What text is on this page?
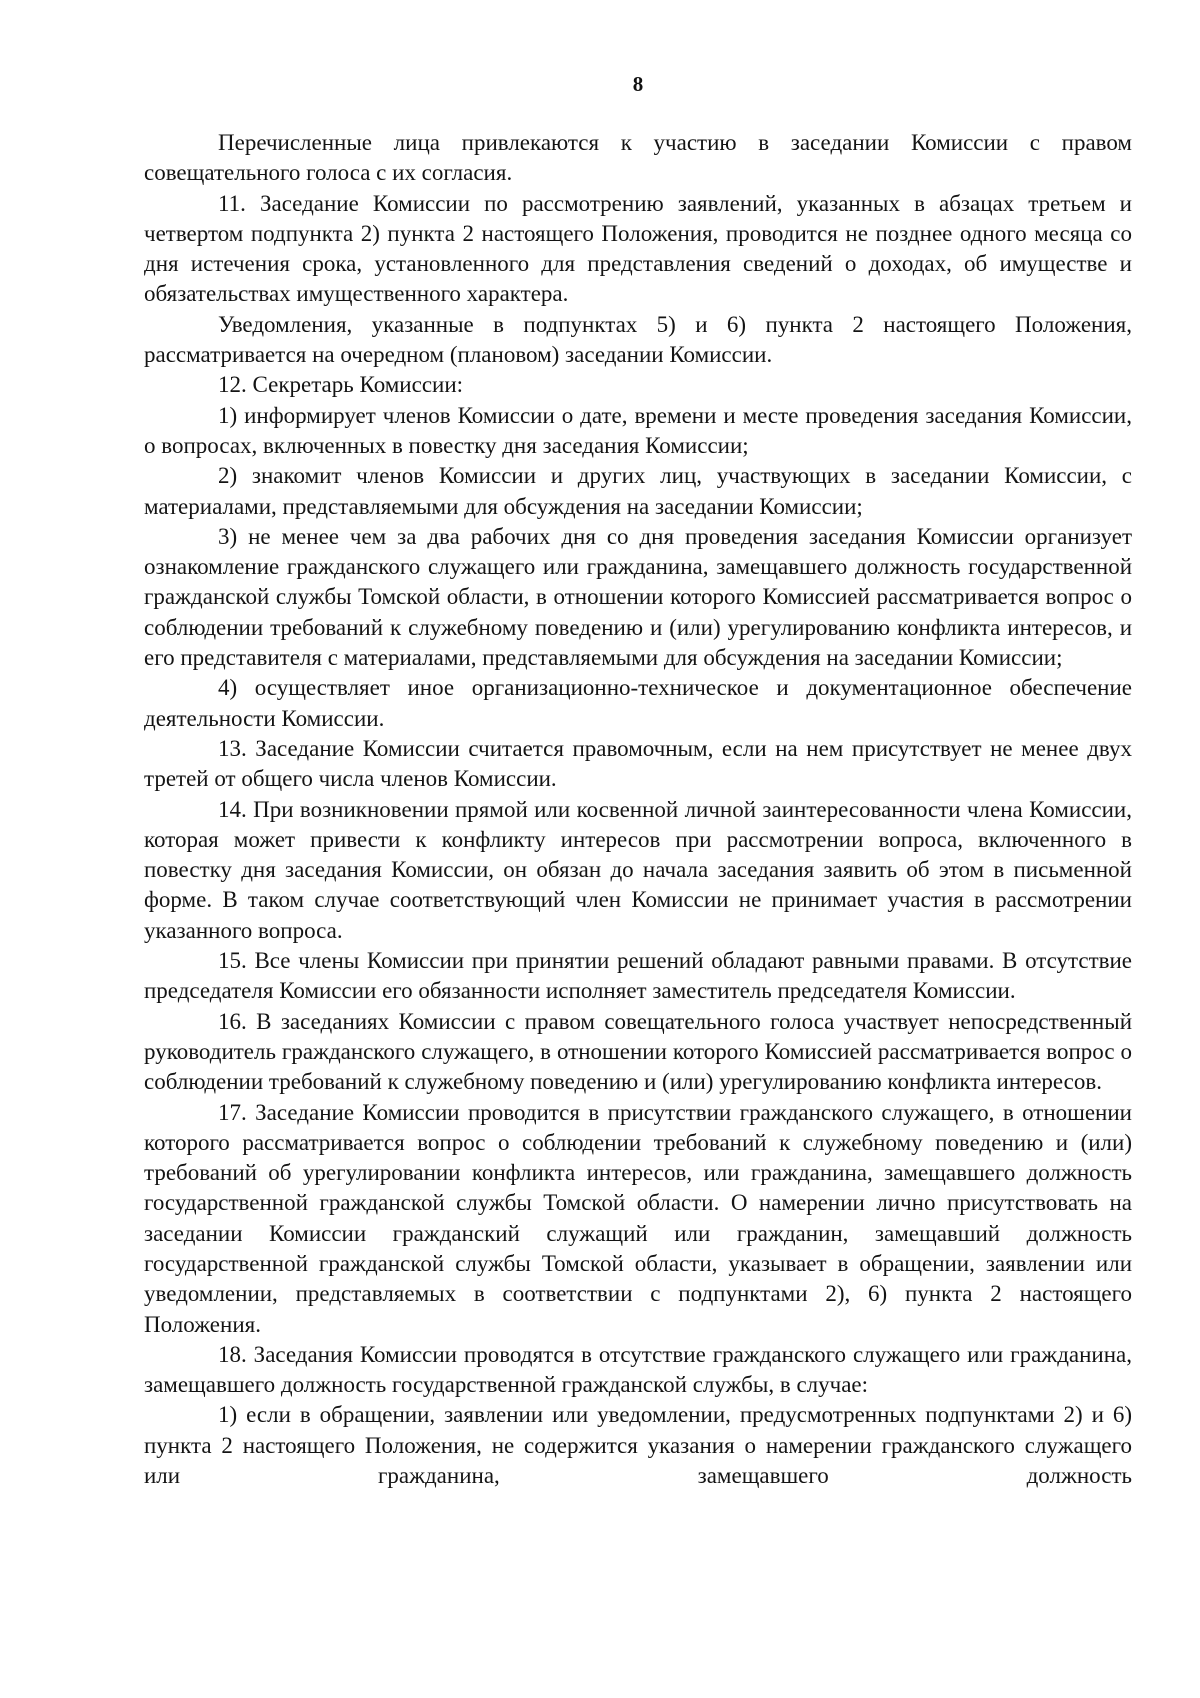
8

Перечисленные лица привлекаются к участию в заседании Комиссии с правом совещательного голоса с их согласия.

11. Заседание Комиссии по рассмотрению заявлений, указанных в абзацах третьем и четвертом подпункта 2) пункта 2 настоящего Положения, проводится не позднее одного месяца со дня истечения срока, установленного для представления сведений о доходах, об имуществе и обязательствах имущественного характера.

Уведомления, указанные в подпунктах 5) и 6) пункта 2 настоящего Положения, рассматривается на очередном (плановом) заседании Комиссии.

12. Секретарь Комиссии:

1) информирует членов Комиссии о дате, времени и месте проведения заседания Комиссии, о вопросах, включенных в повестку дня заседания Комиссии;

2) знакомит членов Комиссии и других лиц, участвующих в заседании Комиссии, с материалами, представляемыми для обсуждения на заседании Комиссии;

3) не менее чем за два рабочих дня со дня проведения заседания Комиссии организует ознакомление гражданского служащего или гражданина, замещавшего должность государственной гражданской службы Томской области, в отношении которого Комиссией рассматривается вопрос о соблюдении требований к служебному поведению и (или) урегулированию конфликта интересов, и его представителя с материалами, представляемыми для обсуждения на заседании Комиссии;

4) осуществляет иное организационно-техническое и документационное обеспечение деятельности Комиссии.

13. Заседание Комиссии считается правомочным, если на нем присутствует не менее двух третей от общего числа членов Комиссии.

14. При возникновении прямой или косвенной личной заинтересованности члена Комиссии, которая может привести к конфликту интересов при рассмотрении вопроса, включенного в повестку дня заседания Комиссии, он обязан до начала заседания заявить об этом в письменной форме. В таком случае соответствующий член Комиссии не принимает участия в рассмотрении указанного вопроса.

15. Все члены Комиссии при принятии решений обладают равными правами. В отсутствие председателя Комиссии его обязанности исполняет заместитель председателя Комиссии.

16. В заседаниях Комиссии с правом совещательного голоса участвует непосредственный руководитель гражданского служащего, в отношении которого Комиссией рассматривается вопрос о соблюдении требований к служебному поведению и (или) урегулированию конфликта интересов.

17. Заседание Комиссии проводится в присутствии гражданского служащего, в отношении которого рассматривается вопрос о соблюдении требований к служебному поведению и (или) требований об урегулировании конфликта интересов, или гражданина, замещавшего должность государственной гражданской службы Томской области. О намерении лично присутствовать на заседании Комиссии гражданский служащий или гражданин, замещавший должность государственной гражданской службы Томской области, указывает в обращении, заявлении или уведомлении, представляемых в соответствии с подпунктами 2), 6) пункта 2 настоящего Положения.

18. Заседания Комиссии проводятся в отсутствие гражданского служащего или гражданина, замещавшего должность государственной гражданской службы, в случае:

1) если в обращении, заявлении или уведомлении, предусмотренных подпунктами 2) и 6) пункта 2 настоящего Положения, не содержится указания о намерении гражданского служащего или гражданина, замещавшего должность
